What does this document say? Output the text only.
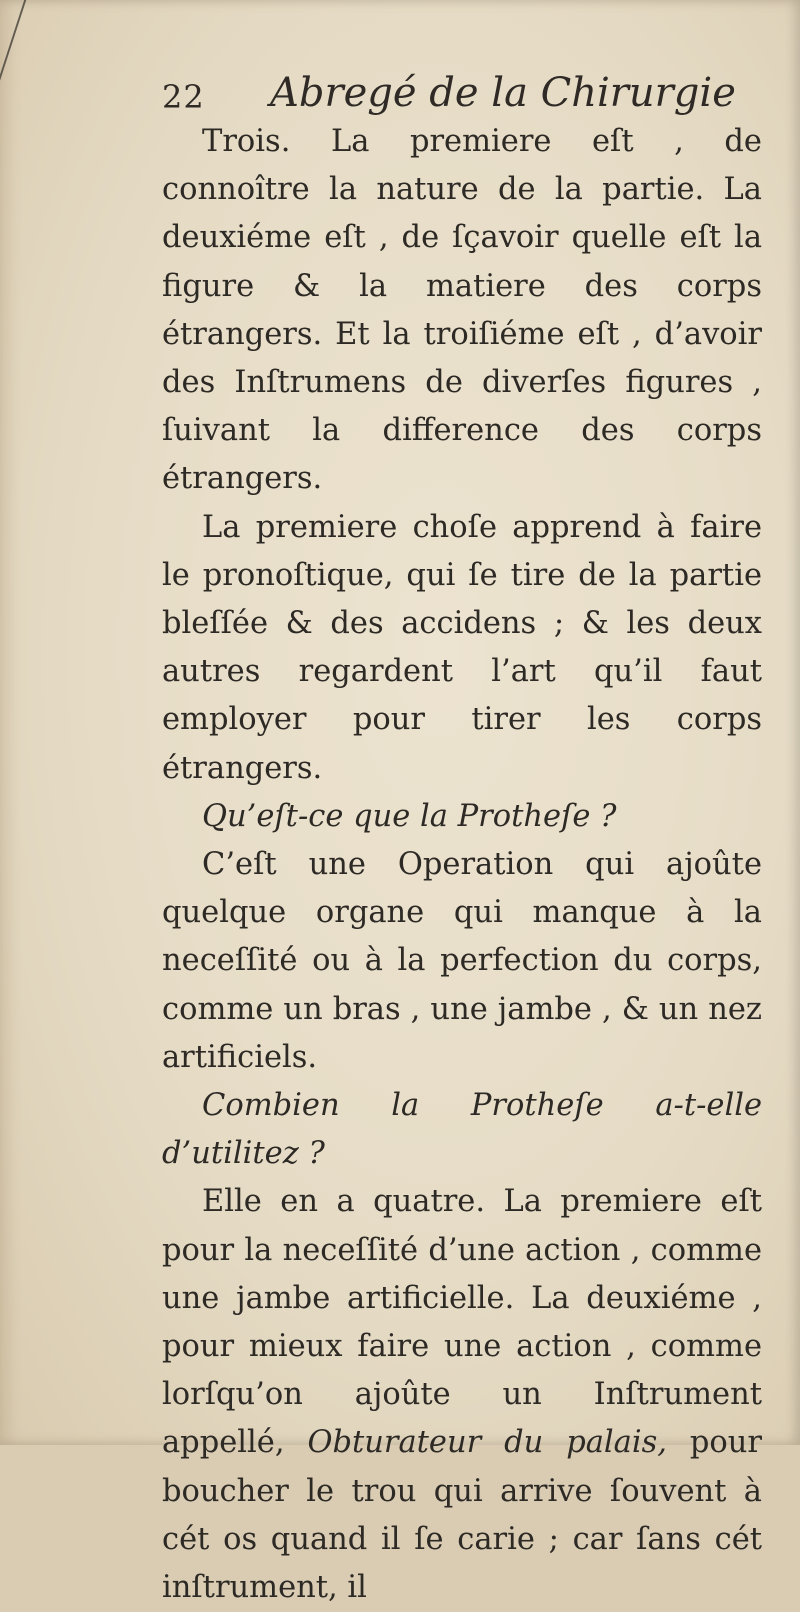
22 Abregé de la Chirurgie

Trois. La premiere eſt , de connoître la nature de la partie. La deuxiéme eſt , de ſçavoir quelle eſt la figure & la matiere des corps étrangers. Et la troiſiéme eſt , d’avoir des Inſtrumens de diverſes figures , ſuivant la difference des corps étrangers.

La premiere choſe apprend à faire le pronoſtique, qui ſe tire de la partie bleſſée & des accidens ; & les deux autres regardent l’art qu’il faut employer pour tirer les corps étrangers.

Qu’eſt-ce que la Protheſe ?

C’eſt une Operation qui ajoûte quelque organe qui manque à la neceſſité ou à la perfection du corps, comme un bras , une jambe , & un nez artificiels.

Combien la Protheſe a-t-elle d’utilitez ?

Elle en a quatre. La premiere eſt pour la neceſſité d’une action , comme une jambe artificielle. La deuxiéme , pour mieux faire une action , comme lorſqu’on ajoûte un Inſtrument appellé, Obturateur du palais, pour boucher le trou qui arrive ſouvent à cét os quand il ſe carie ; car ſans cét inſtrument, il
